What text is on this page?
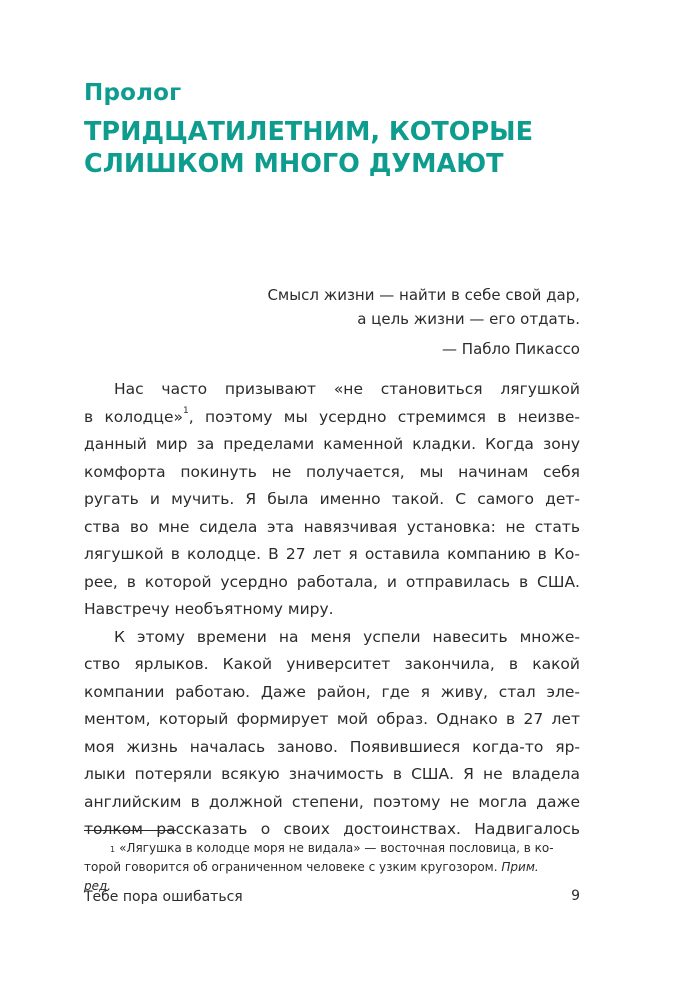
Пролог
ТРИДЦАТИЛЕТНИМ, КОТОРЫЕ
СЛИШКОМ МНОГО ДУМАЮТ
Смысл жизни — найти в себе свой дар,
а цель жизни — его отдать.
— Пабло Пикассо
Нас часто призывают «не становиться лягушкой
в колодце»$^1$, поэтому мы усердно стремимся в неизве-
данный мир за пределами каменной кладки. Когда зону
комфорта покинуть не получается, мы начинам себя
ругать и мучить. Я была именно такой. С самого дет-
ства во мне сидела эта навязчивая установка: не стать
лягушкой в колодце. В 27 лет я оставила компанию в Ко-
рее, в которой усердно работала, и отправилась в США.
Навстречу необъятному миру.
К этому времени на меня успели навесить множе-
ство ярлыков. Какой университет закончила, в какой
компании работаю. Даже район, где я живу, стал эле-
ментом, который формирует мой образ. Однако в 27 лет
моя жизнь началась заново. Появившиеся когда-то яр-
лыки потеряли всякую значимость в США. Я не владела
английским в должной степени, поэтому не могла даже
толком рассказать о своих достоинствах. Надвигалось
$^1$ «Лягушка в колодце моря не видала» — восточная пословица, в ко-
торой говорится об ограниченном человеке с узким кругозором. Прим.
ред.
Тебе пора ошибаться	9
